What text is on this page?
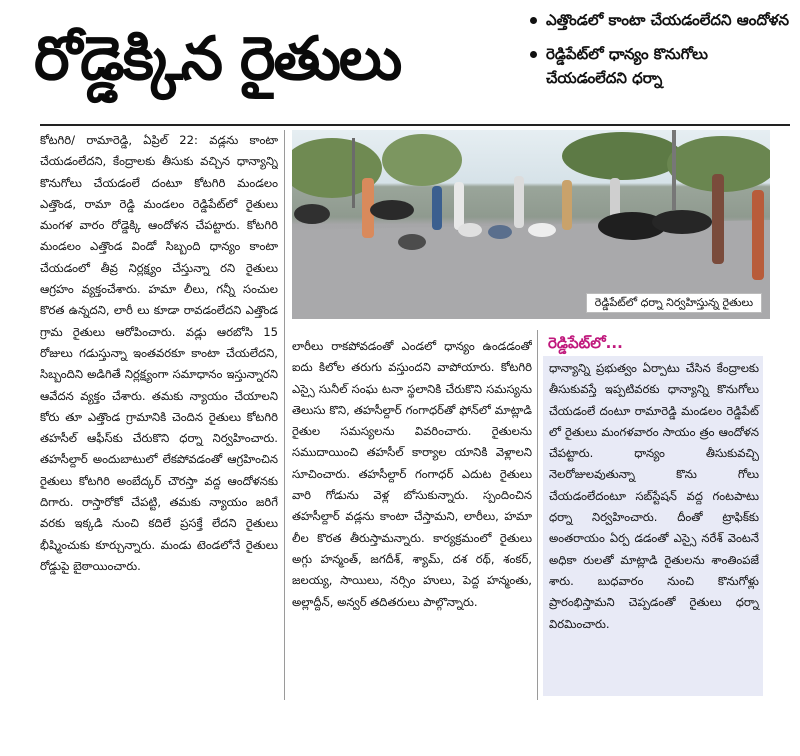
రోడ్డెక్కిన రైతులు
ఎత్తొండలో కాంటా చేయడంలేదని ఆందోళన
రెడ్డిపేట్‌లో ధాన్యం కొనుగోలు చేయడంలేదని ధర్నా

కోటగిరి/ రామారెడ్డి, ఏప్రిల్ 22: వడ్లను కాంటా చేయడంలేదని, కేంద్రాలకు తీసుకు వచ్చిన ధాన్యాన్ని కొనుగోలు చేయడంలే దంటూ కోటగిరి మండలం ఎత్తొండ, రామా రెడ్డి మండలం రెడ్డిపేట్‌లో రైతులు మంగళ వారం రోడ్డెక్కి ఆందోళన చేపట్టారు. కోటగిరి మండలం ఎత్తొండ విండో సిబ్బంది ధాన్యం కాంటా చేయడంలో తీవ్ర నిర్లక్ష్యం చేస్తున్నా రని రైతులు ఆగ్రహం వ్యక్తంచేశారు. హమా లీలు, గన్నీ సంచుల కొరత ఉన్నదని, లారీ లు కూడా రావడంలేదని ఎత్తొండ గ్రామ రైతులు ఆరోపించారు. వడ్లు ఆరబోసి 15 రోజులు గడుస్తున్నా ఇంతవరకూ కాంటా చేయలేదని, సిబ్బందిని అడిగితే నిర్లక్ష్యంగా సమాధానం ఇస్తున్నారని ఆవేదన వ్యక్తం చేశారు. తమకు న్యాయం చేయాలని కోరు తూ ఎత్తొండ గ్రామానికి చెందిన రైతులు కోటగిరి తహసీల్ ఆఫీస్‌కు చేరుకొని ధర్నా నిర్వహించారు. తహసీల్దార్ అందుబాటులో లేకపోవడంతో ఆగ్రహించిన రైతులు కోటగిరి అంబేద్కర్ చౌరస్తా వద్ద ఆందోళనకు దిగారు. రాస్తారోకో చేపట్టి, తమకు న్యాయం జరిగే వరకు ఇక్కడి నుంచి కదిలే ప్రసక్తే లేదని రైతులు భీష్మించుకు కూర్చున్నారు. మండు టెండలోనే రైతులు రోడ్డుపై బైఠాయించారు.

రెడ్డిపేట్‌లో ధర్నా నిర్వహిస్తున్న రైతులు

లారీలు రాకపోవడంతో ఎండలో ధాన్యం ఉండడంతో ఐదు కిలోల తరుగు వస్తుందని వాపోయారు. కోటగిరి ఎస్సై సునీల్ సంఘ టనా స్థలానికి చేరుకొని సమస్యను తెలుసు కొని, తహసీల్దార్ గంగాధర్‌తో ఫోన్‌లో మాట్లాడి రైతుల సమస్యలను వివరించారు. రైతులను సముదాయించి తహసీల్ కార్యాల యానికి వెళ్లాలని సూచించారు. తహసీల్దార్ గంగాధర్ ఎదుట రైతులు వారి గోడును వెళ్ల బోసుకున్నారు. స్పందించిన తహసీల్దార్ వడ్లను కాంటా చేస్తామని, లారీలు, హమా లీల కొరత తీరుస్తామన్నారు. కార్యక్రమంలో రైతులు అగ్గు హన్మంత్, జగదీశ్, శ్యామ్, దశ రథ్, శంకర్, జలయ్య, సాయిలు, నర్సిం హులు, పెద్ద హన్మంతు, అల్లాద్దీన్, అన్వర్ తదితరులు పాల్గొన్నారు.

రెడ్డిపేట్‌లో...

ధాన్యాన్ని ప్రభుత్వం ఏర్పాటు చేసిన కేంద్రాలకు తీసుకువస్తే ఇప్పటివరకు ధాన్యాన్ని కొనుగోలు చేయడంలే దంటూ రామారెడ్డి మండలం రెడ్డిపేట్ లో రైతులు మంగళవారం సాయం త్రం ఆందోళన చేపట్టారు. ధాన్యం తీసుకువచ్చి నెలరోజులవుతున్నా కొను గోలు చేయడంలేదంటూ సబ్‌స్టేషన్ వద్ద గంటపాటు ధర్నా నిర్వహించారు. దీంతో ట్రాఫిక్‌కు అంతరాయం ఏర్ప డడంతో ఎస్సై నరేశ్ వెంటనే అధికా రులతో మాట్లాడి రైతులను శాంతింపజే శారు. బుధవారం నుంచి కొనుగోళ్లు ప్రారంభిస్తామని చెప్పడంతో రైతులు ధర్నా విరమించారు.
